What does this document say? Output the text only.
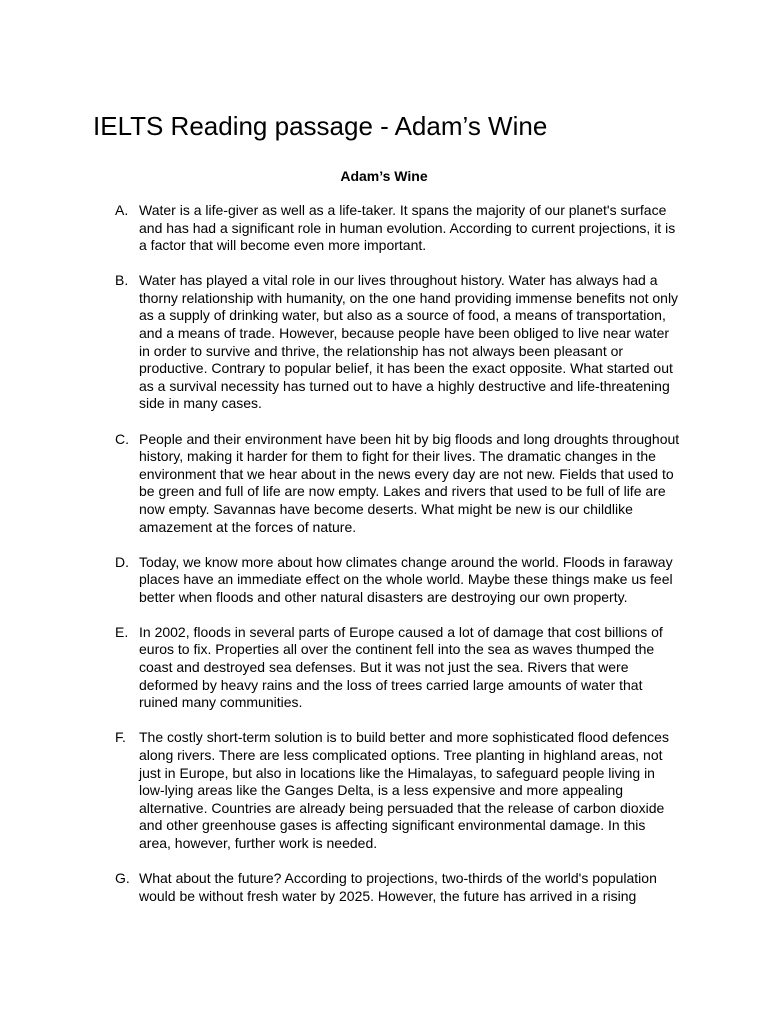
IELTS Reading passage - Adam’s Wine
Adam’s Wine
A. Water is a life-giver as well as a life-taker. It spans the majority of our planet's surface and has had a significant role in human evolution. According to current projections, it is a factor that will become even more important.
B. Water has played a vital role in our lives throughout history. Water has always had a thorny relationship with humanity, on the one hand providing immense benefits not only as a supply of drinking water, but also as a source of food, a means of transportation, and a means of trade. However, because people have been obliged to live near water in order to survive and thrive, the relationship has not always been pleasant or productive. Contrary to popular belief, it has been the exact opposite. What started out as a survival necessity has turned out to have a highly destructive and life-threatening side in many cases.
C. People and their environment have been hit by big floods and long droughts throughout history, making it harder for them to fight for their lives. The dramatic changes in the environment that we hear about in the news every day are not new. Fields that used to be green and full of life are now empty. Lakes and rivers that used to be full of life are now empty. Savannas have become deserts. What might be new is our childlike amazement at the forces of nature.
D. Today, we know more about how climates change around the world. Floods in faraway places have an immediate effect on the whole world. Maybe these things make us feel better when floods and other natural disasters are destroying our own property.
E. In 2002, floods in several parts of Europe caused a lot of damage that cost billions of euros to fix. Properties all over the continent fell into the sea as waves thumped the coast and destroyed sea defenses. But it was not just the sea. Rivers that were deformed by heavy rains and the loss of trees carried large amounts of water that ruined many communities.
F. The costly short-term solution is to build better and more sophisticated flood defences along rivers. There are less complicated options. Tree planting in highland areas, not just in Europe, but also in locations like the Himalayas, to safeguard people living in low-lying areas like the Ganges Delta, is a less expensive and more appealing alternative. Countries are already being persuaded that the release of carbon dioxide and other greenhouse gases is affecting significant environmental damage. In this area, however, further work is needed.
G. What about the future? According to projections, two-thirds of the world's population would be without fresh water by 2025. However, the future has arrived in a rising
